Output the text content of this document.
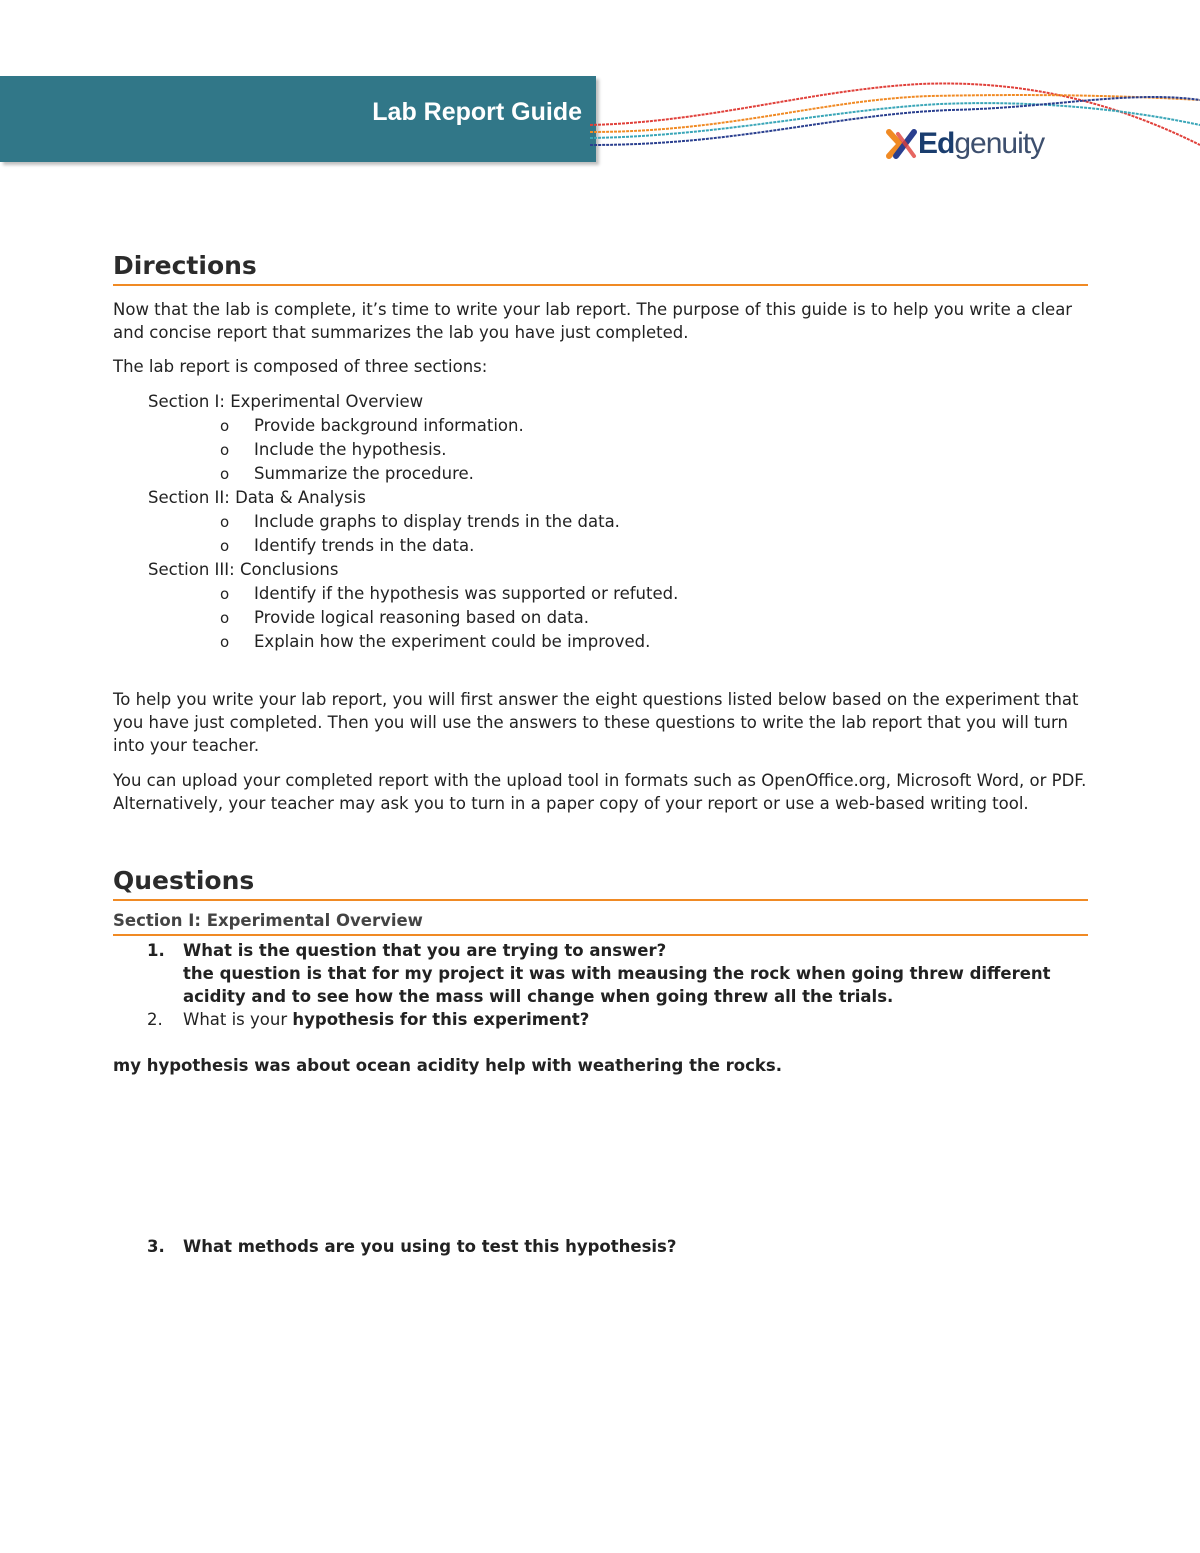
Lab Report Guide
Edgenuity
Directions

Now that the lab is complete, it’s time to write your lab report. The purpose of this guide is to help you write a clear and concise report that summarizes the lab you have just completed.

The lab report is composed of three sections:

Section I: Experimental Overview
o Provide background information.
o Include the hypothesis.
o Summarize the procedure.
Section II: Data & Analysis
o Include graphs to display trends in the data.
o Identify trends in the data.
Section III: Conclusions
o Identify if the hypothesis was supported or refuted.
o Provide logical reasoning based on data.
o Explain how the experiment could be improved.

To help you write your lab report, you will first answer the eight questions listed below based on the experiment that you have just completed. Then you will use the answers to these questions to write the lab report that you will turn into your teacher.

You can upload your completed report with the upload tool in formats such as OpenOffice.org, Microsoft Word, or PDF. Alternatively, your teacher may ask you to turn in a paper copy of your report or use a web-based writing tool.

Questions
Section I: Experimental Overview
1. What is the question that you are trying to answer?
the question is that for my project it was with meausing the rock when going threw different acidity and to see how the mass will change when going threw all the trials.
2. What is your hypothesis for this experiment?

my hypothesis was about ocean acidity help with weathering the rocks.

3. What methods are you using to test this hypothesis?
